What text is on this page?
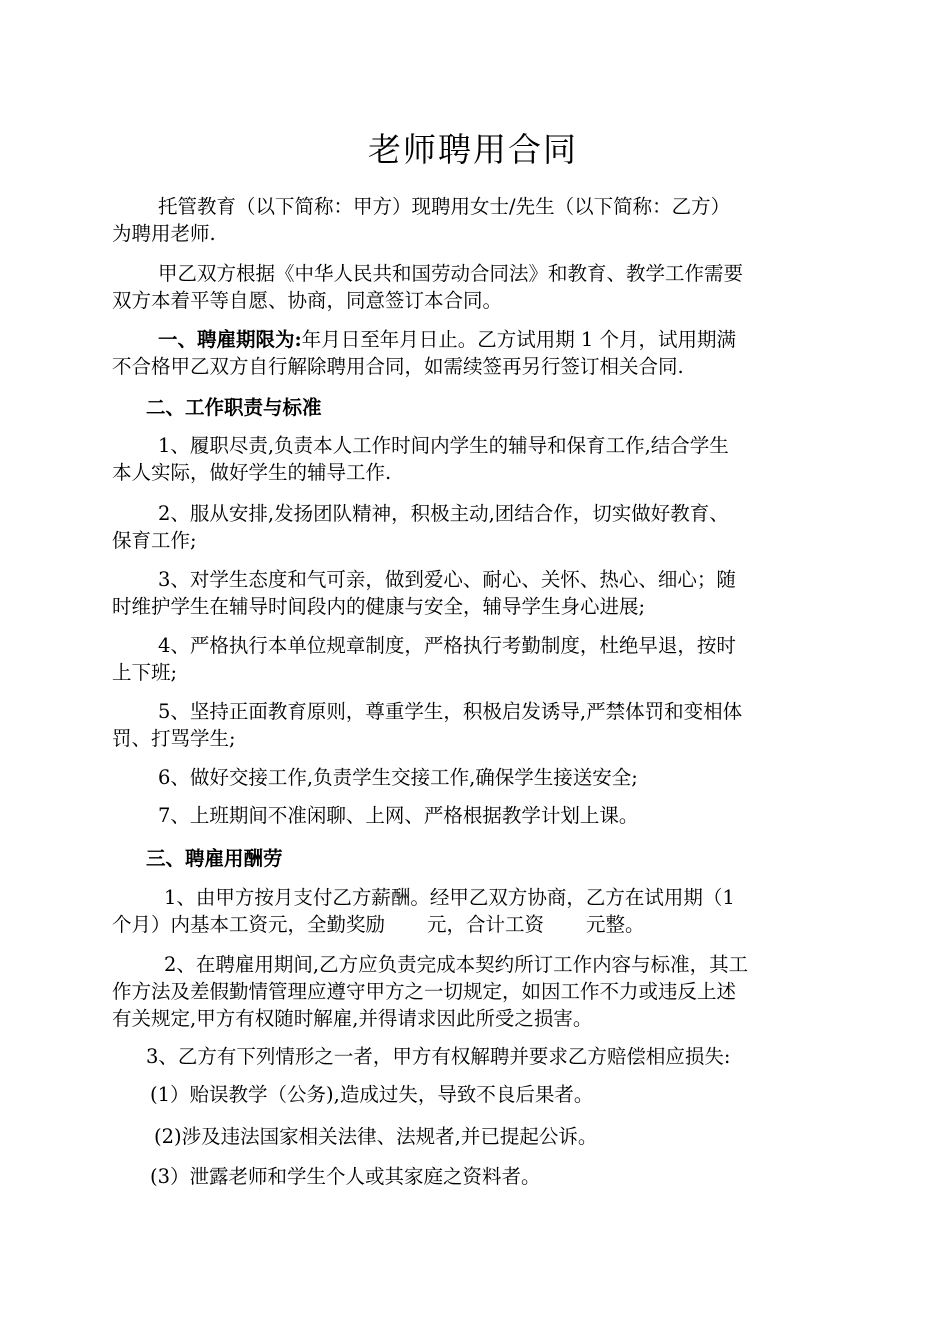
老师聘用合同
托管教育（以下简称：甲方）现聘用女士/先生（以下简称：乙方）
为聘用老师.
甲乙双方根据《中华人民共和国劳动合同法》和教育、教学工作需要
双方本着平等自愿、协商，同意签订本合同。
一、聘雇期限为:年月日至年月日止。乙方试用期 1 个月，试用期满
不合格甲乙双方自行解除聘用合同，如需续签再另行签订相关合同.
二、工作职责与标准
1、履职尽责,负责本人工作时间内学生的辅导和保育工作,结合学生
本人实际，做好学生的辅导工作.
2、服从安排,发扬团队精神，积极主动,团结合作，切实做好教育、
保育工作;
3、对学生态度和气可亲，做到爱心、耐心、关怀、热心、细心；随
时维护学生在辅导时间段内的健康与安全，辅导学生身心进展;
4、严格执行本单位规章制度，严格执行考勤制度，杜绝早退，按时
上下班;
5、坚持正面教育原则，尊重学生，积极启发诱导,严禁体罚和变相体
罚、打骂学生;
6、做好交接工作,负责学生交接工作,确保学生接送安全;
7、上班期间不准闲聊、上网、严格根据教学计划上课。
三、聘雇用酬劳
1、由甲方按月支付乙方薪酬。经甲乙双方协商，乙方在试用期（1
个月）内基本工资元，全勤奖励 元，合计工资 元整。
2、在聘雇用期间,乙方应负责完成本契约所订工作内容与标准，其工
作方法及差假勤情管理应遵守甲方之一切规定，如因工作不力或违反上述
有关规定,甲方有权随时解雇,并得请求因此所受之损害。
3、乙方有下列情形之一者，甲方有权解聘并要求乙方赔偿相应损失:
(1）贻误教学（公务),造成过失，导致不良后果者。
(2)涉及违法国家相关法律、法规者,并已提起公诉。
(3）泄露老师和学生个人或其家庭之资料者。
